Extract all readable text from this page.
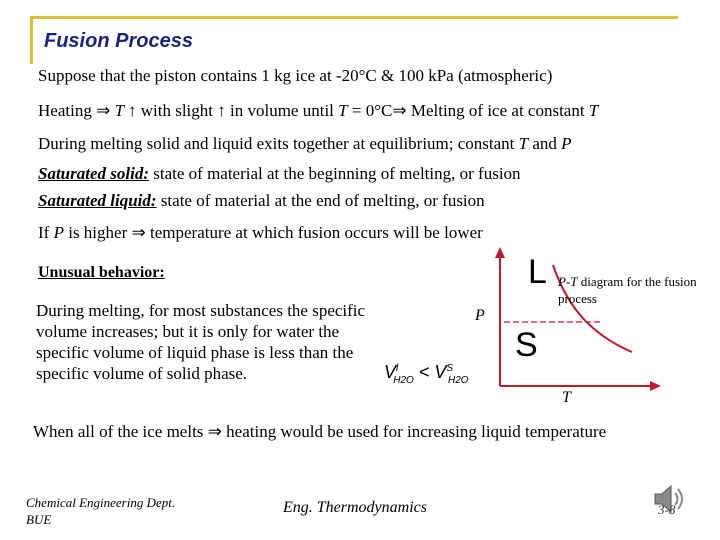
Fusion Process
Suppose that the piston contains 1 kg ice at -20°C & 100 kPa (atmospheric)
Heating ⇒ T ↑ with slight ↑ in volume until T = 0°C⇒ Melting of ice at constant T
During melting solid and liquid exits together at equilibrium; constant T and P
Saturated solid: state of material at the beginning of melting, or fusion
Saturated liquid: state of material at the end of melting, or fusion
If P is higher ⇒ temperature at which fusion occurs will be lower
Unusual behavior:
During melting, for most substances the specific volume increases; but it is only for water the specific volume of liquid phase is less than the specific volume of solid phase.	$V^l_{H2O} < V^S_{H2O}$
P
L
S
T
P-T diagram for the fusion process
When all of the ice melts ⇒ heating would be used for increasing liquid temperature
Chemical Engineering Dept.
BUE
Eng. Thermodynamics	3-8
